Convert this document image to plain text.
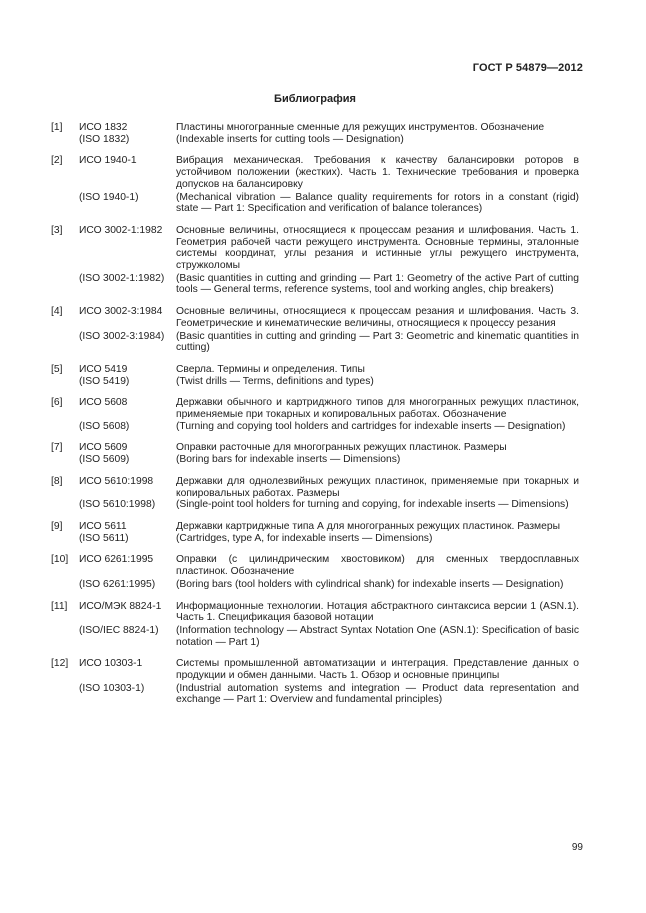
ГОСТ Р 54879—2012
Библиография
[1]	ИСО 1832	Пластины многогранные сменные для режущих инструментов. Обозначение
(ISO 1832)	(Indexable inserts for cutting tools — Designation)
[2]	ИСО 1940-1	Вибрация механическая. Требования к качеству балансировки роторов в устойчивом положении (жестких). Часть 1. Технические требования и проверка допусков на балансировку
(ISO 1940-1)	(Mechanical vibration — Balance quality requirements for rotors in a constant (rigid) state — Part 1: Specification and verification of balance tolerances)
[3]	ИСО 3002-1:1982	Основные величины, относящиеся к процессам резания и шлифования. Часть 1. Геометрия рабочей части режущего инструмента. Основные термины, эталонные системы координат, углы резания и истинные углы режущего инструмента, стружколомы
(ISO 3002-1:1982)	(Basic quantities in cutting and grinding — Part 1: Geometry of the active Part of cutting tools — General terms, reference systems, tool and working angles, chip breakers)
[4]	ИСО 3002-3:1984	Основные величины, относящиеся к процессам резания и шлифования. Часть 3. Геометрические и кинематические величины, относящиеся к процессу резания
(ISO 3002-3:1984)	(Basic quantities in cutting and grinding — Part 3: Geometric and kinematic quantities in cutting)
[5]	ИСО 5419	Сверла. Термины и определения. Типы
(ISO 5419)	(Twist drills — Terms, definitions and types)
[6]	ИСО 5608	Державки обычного и картриджного типов для многогранных режущих пластинок, применяемые при токарных и копировальных работах. Обозначение
(ISO 5608)	(Turning and copying tool holders and cartridges for indexable inserts — Designation)
[7]	ИСО 5609	Оправки расточные для многогранных режущих пластинок. Размеры
(ISO 5609)	(Boring bars for indexable inserts — Dimensions)
[8]	ИСО 5610:1998	Державки для однолезвийных режущих пластинок, применяемые при токарных и копировальных работах. Размеры
(ISO 5610:1998)	(Single-point tool holders for turning and copying, for indexable inserts — Dimensions)
[9]	ИСО 5611	Державки картриджные типа А для многогранных режущих пластинок. Размеры
(ISO 5611)	(Cartridges, type A, for indexable inserts — Dimensions)
[10]	ИСО 6261:1995	Оправки (с цилиндрическим хвостовиком) для сменных твердосплавных пластинок. Обозначение
(ISO 6261:1995)	(Boring bars (tool holders with cylindrical shank) for indexable inserts — Designation)
[11]	ИСО/МЭК 8824-1	Информационные технологии. Нотация абстрактного синтаксиса версии 1 (ASN.1). Часть 1. Спецификация базовой нотации
(ISO/IEC 8824-1)	(Information technology — Abstract Syntax Notation One (ASN.1): Specification of basic notation — Part 1)
[12]	ИСО 10303-1	Системы промышленной автоматизации и интеграция. Представление данных о продукции и обмен данными. Часть 1. Обзор и основные принципы
(ISO 10303-1)	(Industrial automation systems and integration — Product data representation and exchange — Part 1: Overview and fundamental principles)
99
